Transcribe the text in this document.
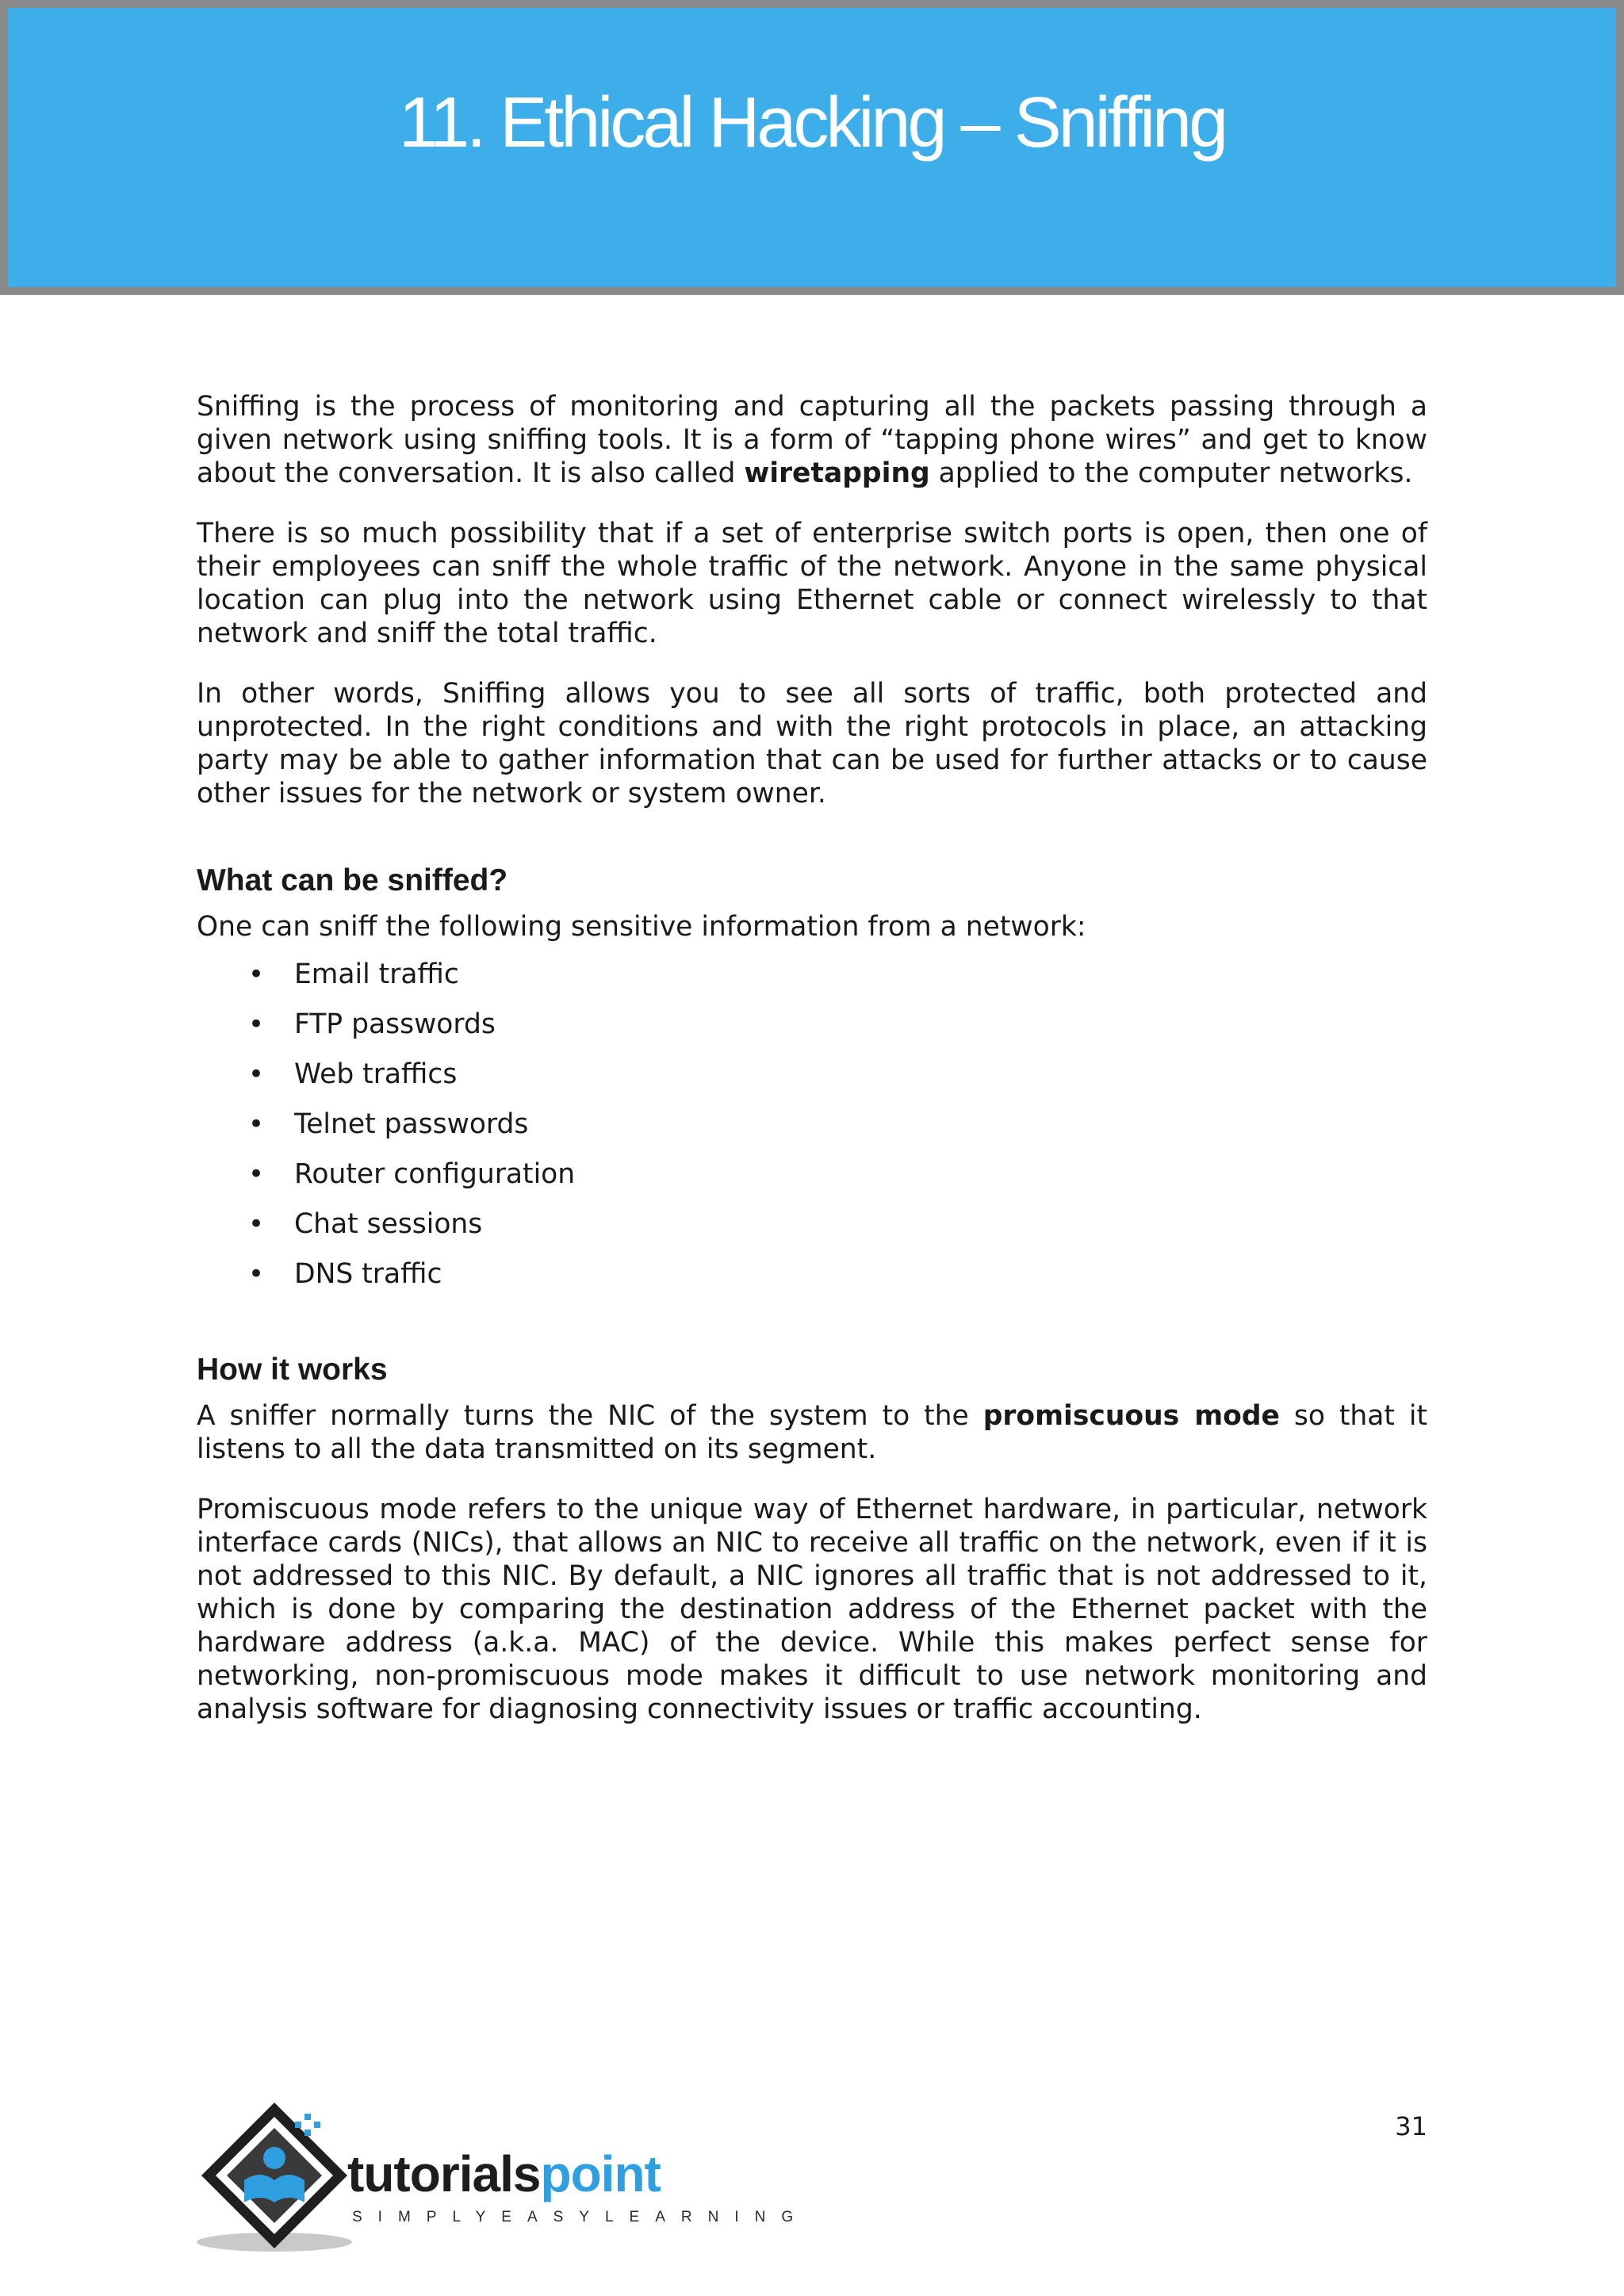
11. Ethical Hacking – Sniffing

Sniffing is the process of monitoring and capturing all the packets passing through a given network using sniffing tools. It is a form of “tapping phone wires” and get to know about the conversation. It is also called wiretapping applied to the computer networks.

There is so much possibility that if a set of enterprise switch ports is open, then one of their employees can sniff the whole traffic of the network. Anyone in the same physical location can plug into the network using Ethernet cable or connect wirelessly to that network and sniff the total traffic.

In other words, Sniffing allows you to see all sorts of traffic, both protected and unprotected. In the right conditions and with the right protocols in place, an attacking party may be able to gather information that can be used for further attacks or to cause other issues for the network or system owner.

What can be sniffed?

One can sniff the following sensitive information from a network:

• Email traffic
• FTP passwords
• Web traffics
• Telnet passwords
• Router configuration
• Chat sessions
• DNS traffic
How it works

A sniffer normally turns the NIC of the system to the promiscuous mode so that it listens to all the data transmitted on its segment.

Promiscuous mode refers to the unique way of Ethernet hardware, in particular, network interface cards (NICs), that allows an NIC to receive all traffic on the network, even if it is not addressed to this NIC. By default, a NIC ignores all traffic that is not addressed to it, which is done by comparing the destination address of the Ethernet packet with the hardware address (a.k.a. MAC) of the device. While this makes perfect sense for networking, non-promiscuous mode makes it difficult to use network monitoring and analysis software for diagnosing connectivity issues or traffic accounting.

31
tutorialspoint
SIMPLYEASYLEARNING
